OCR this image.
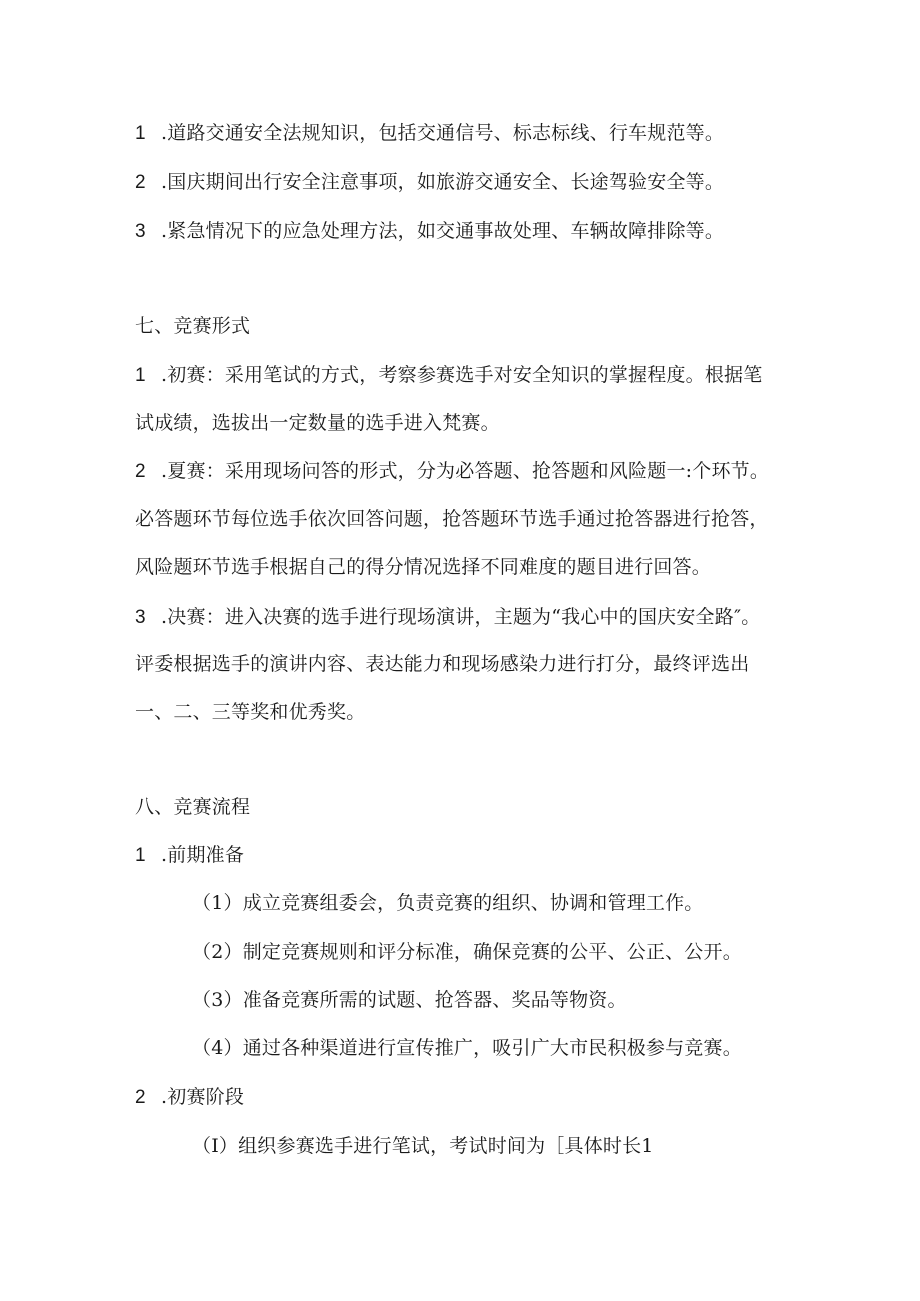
1 .道路交通安全法规知识，包括交通信号、标志标线、行车规范等。
2 .国庆期间出行安全注意事项，如旅游交通安全、长途驾验安全等。
3 .紧急情况下的应急处理方法，如交通事故处理、车辆故障排除等。
七、竞赛形式
1 .初赛：采用笔试的方式，考察参赛选手对安全知识的掌握程度。根据笔
试成绩，选拔出一定数量的选手进入梵赛。
2 .夏赛：采用现场问答的形式，分为必答题、抢答题和风险题一:个环节。
必答题环节每位选手依次回答问题，抢答题环节选手通过抢答器进行抢答，
风险题环节选手根据自己的得分情况选择不同难度的题目进行回答。
3 .决赛：进入决赛的选手进行现场演讲，主题为“我心中的国庆安全路″。
评委根据选手的演讲内容、表达能力和现场感染力进行打分，最终评选出
一、二、三等奖和优秀奖。
八、竞赛流程
1 .前期准备
（1）成立竞赛组委会，负责竞赛的组织、协调和管理工作。
（2）制定竞赛规则和评分标准，确保竞赛的公平、公正、公开。
（3）准备竞赛所需的试题、抢答器、奖品等物资。
（4）通过各种渠道进行宣传推广，吸引广大市民积极参与竞赛。
2 .初赛阶段
（I）组织参赛选手进行笔试，考试时间为［具体时长1
